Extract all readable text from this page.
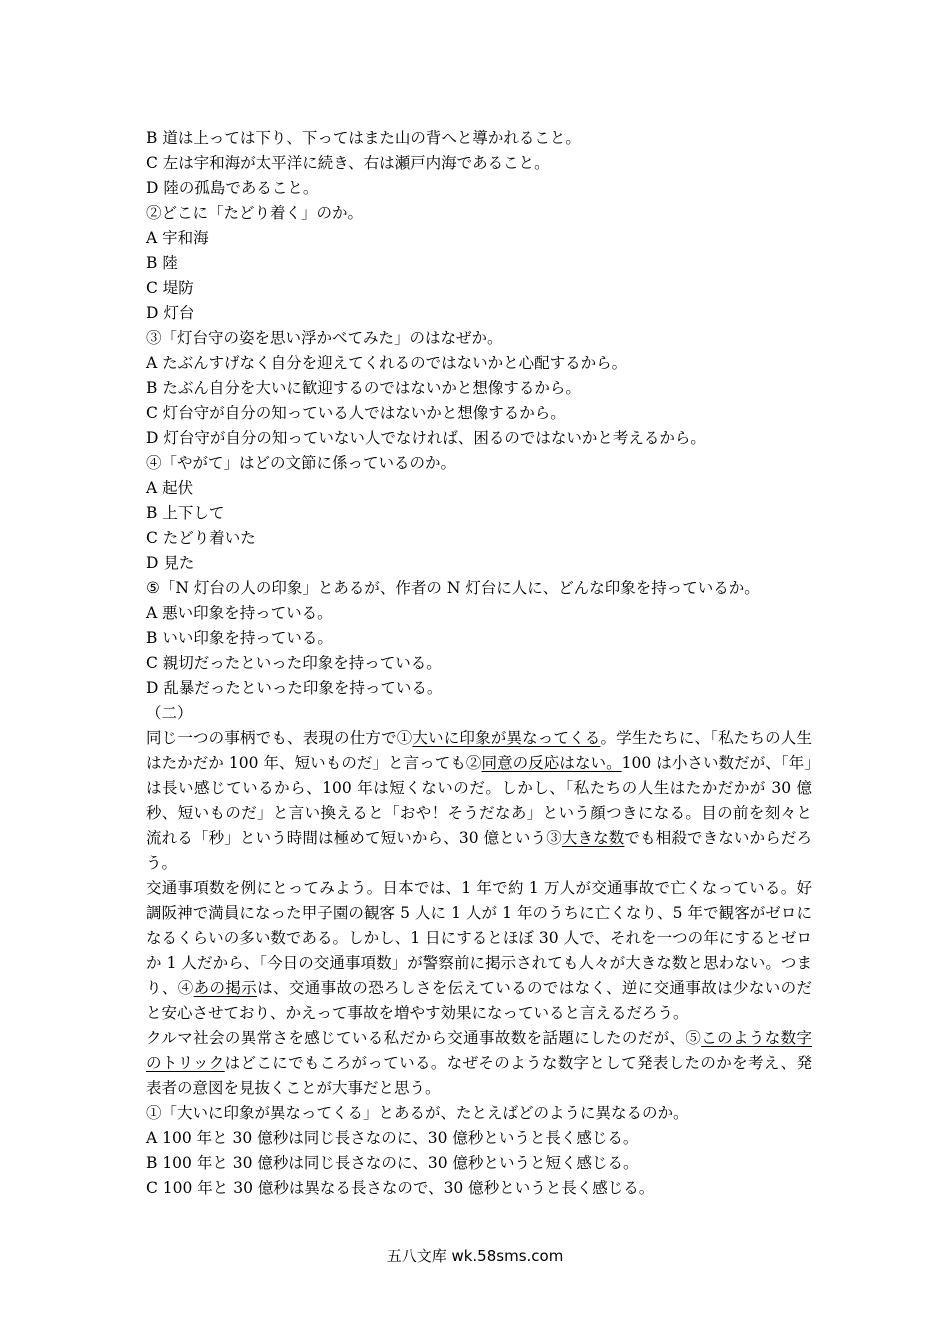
B 道は上っては下り、下ってはまた山の背へと導かれること。
C 左は宇和海が太平洋に続き、右は瀬戸内海であること。
D 陸の孤島であること。
②どこに「たどり着く」のか。
A 宇和海
B 陸
C 堤防
D 灯台
③「灯台守の姿を思い浮かべてみた」のはなぜか。
A たぶんすげなく自分を迎えてくれるのではないかと心配するから。
B たぶん自分を大いに歓迎するのではないかと想像するから。
C 灯台守が自分の知っている人ではないかと想像するから。
D 灯台守が自分の知っていない人でなければ、困るのではないかと考えるから。
④「やがて」はどの文節に係っているのか。
A 起伏
B 上下して
C たどり着いた
D 見た
⑤「N 灯台の人の印象」とあるが、作者の N 灯台に人に、どんな印象を持っているか。
A 悪い印象を持っている。
B いい印象を持っている。
C 親切だったといった印象を持っている。
D 乱暴だったといった印象を持っている。
（二）
同じ一つの事柄でも、表現の仕方で①大いに印象が異なってくる。学生たちに、「私たちの人生はたかだか 100 年、短いものだ」と言っても②同意の反応はない。100 は小さい数だが、「年」は長い感じているから、100 年は短くないのだ。しかし、「私たちの人生はたかだかが 30 億秒、短いものだ」と言い換えると「おや！そうだなあ」という顔つきになる。目の前を刻々と流れる「秒」という時間は極めて短いから、30 億という③大きな数でも相殺できないからだろう。
交通事項数を例にとってみよう。日本では、1 年で約 1 万人が交通事故で亡くなっている。好調阪神で満員になった甲子園の観客 5 人に 1 人が 1 年のうちに亡くなり、5 年で観客がゼロになるくらいの多い数である。しかし、1 日にするとほぼ 30 人で、それを一つの年にするとゼロか 1 人だから、「今日の交通事項数」が警察前に掲示されても人々が大きな数と思わない。つまり、④あの掲示は、交通事故の恐ろしさを伝えているのではなく、逆に交通事故は少ないのだと安心させており、かえって事故を増やす効果になっていると言えるだろう。
クルマ社会の異常さを感じている私だから交通事故数を話題にしたのだが、⑤このような数字のトリックはどこにでもころがっている。なぜそのような数字として発表したのかを考え、発表者の意図を見抜くことが大事だと思う。
①「大いに印象が異なってくる」とあるが、たとえばどのように異なるのか。
A 100 年と 30 億秒は同じ長さなのに、30 億秒というと長く感じる。
B 100 年と 30 億秒は同じ長さなのに、30 億秒というと短く感じる。
C 100 年と 30 億秒は異なる長さなので、30 億秒というと長く感じる。
五八文库 wk.58sms.com
